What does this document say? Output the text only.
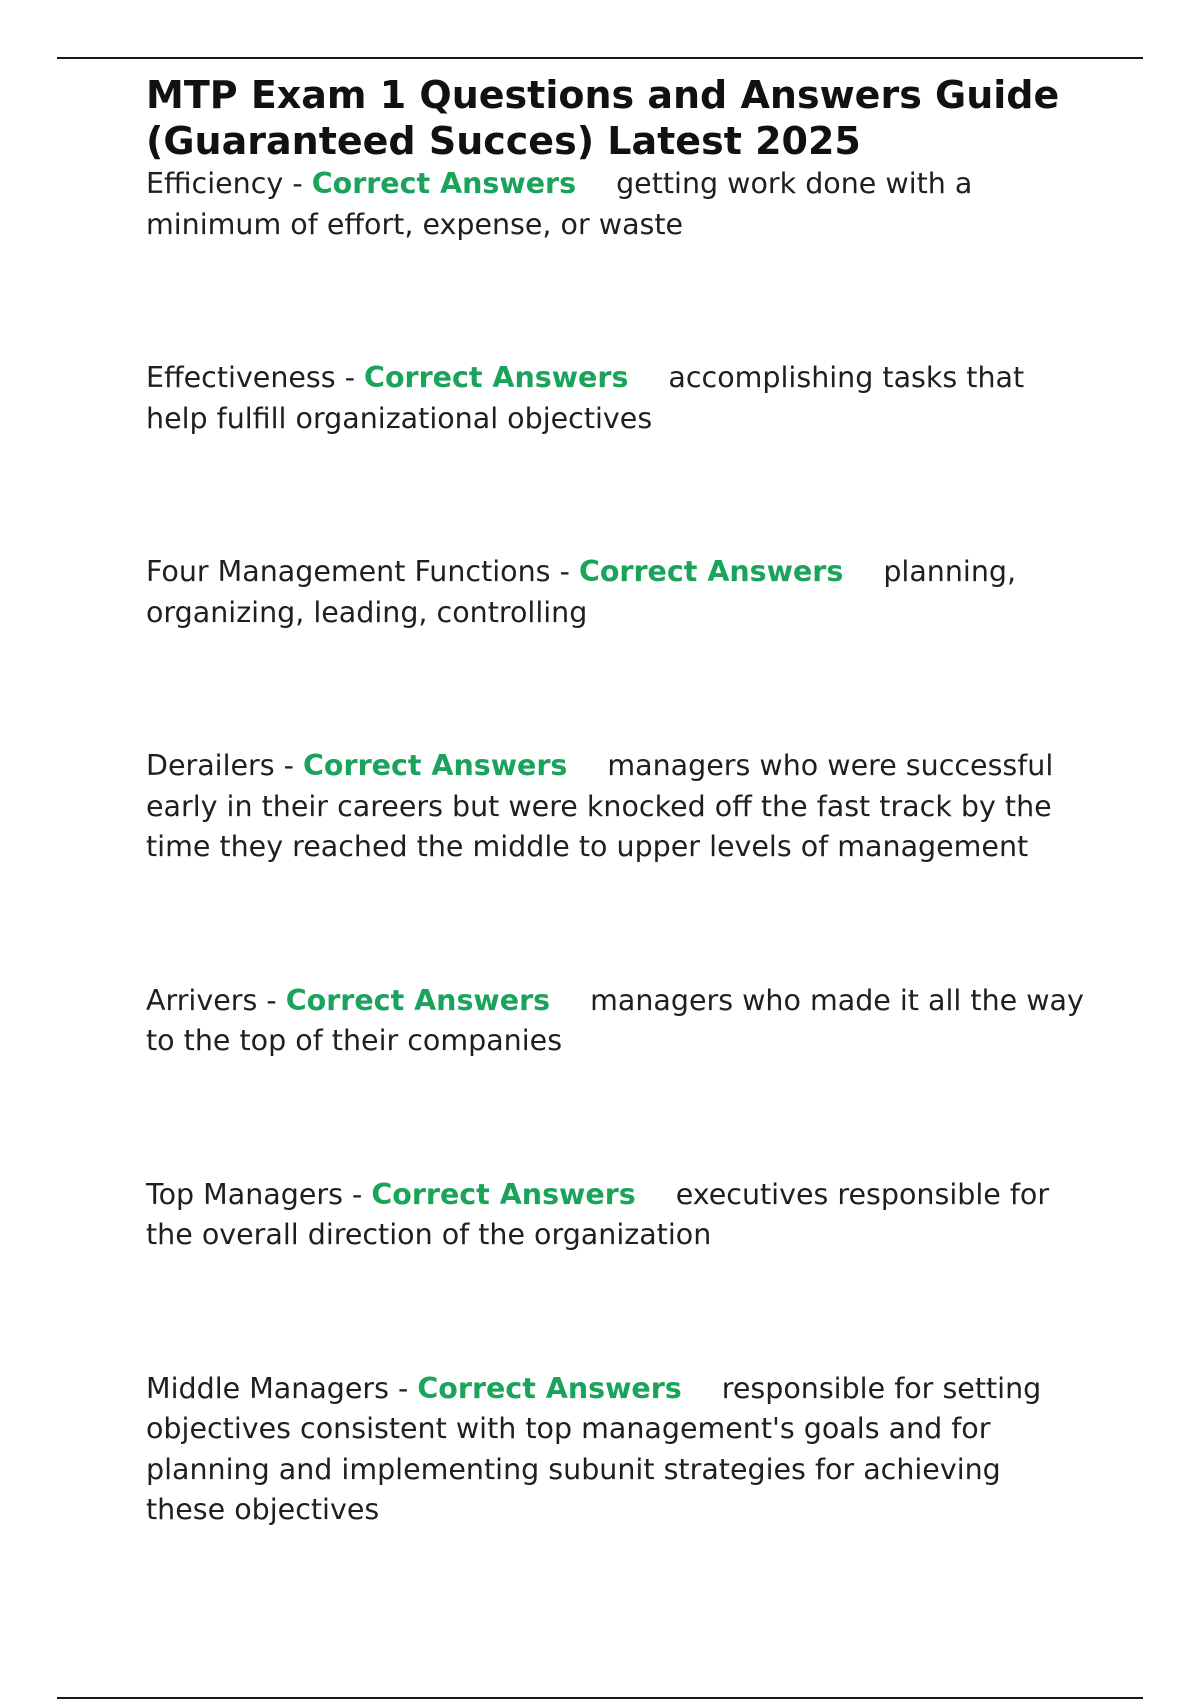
MTP Exam 1 Questions and Answers Guide (Guaranteed Succes) Latest 2025

Efficiency - Correct Answers getting work done with a minimum of effort, expense, or waste

Effectiveness - Correct Answers accomplishing tasks that help fulfill organizational objectives

Four Management Functions - Correct Answers planning, organizing, leading, controlling

Derailers - Correct Answers managers who were successful early in their careers but were knocked off the fast track by the time they reached the middle to upper levels of management

Arrivers - Correct Answers managers who made it all the way to the top of their companies

Top Managers - Correct Answers executives responsible for the overall direction of the organization

Middle Managers - Correct Answers responsible for setting objectives consistent with top management's goals and for planning and implementing subunit strategies for achieving these objectives
